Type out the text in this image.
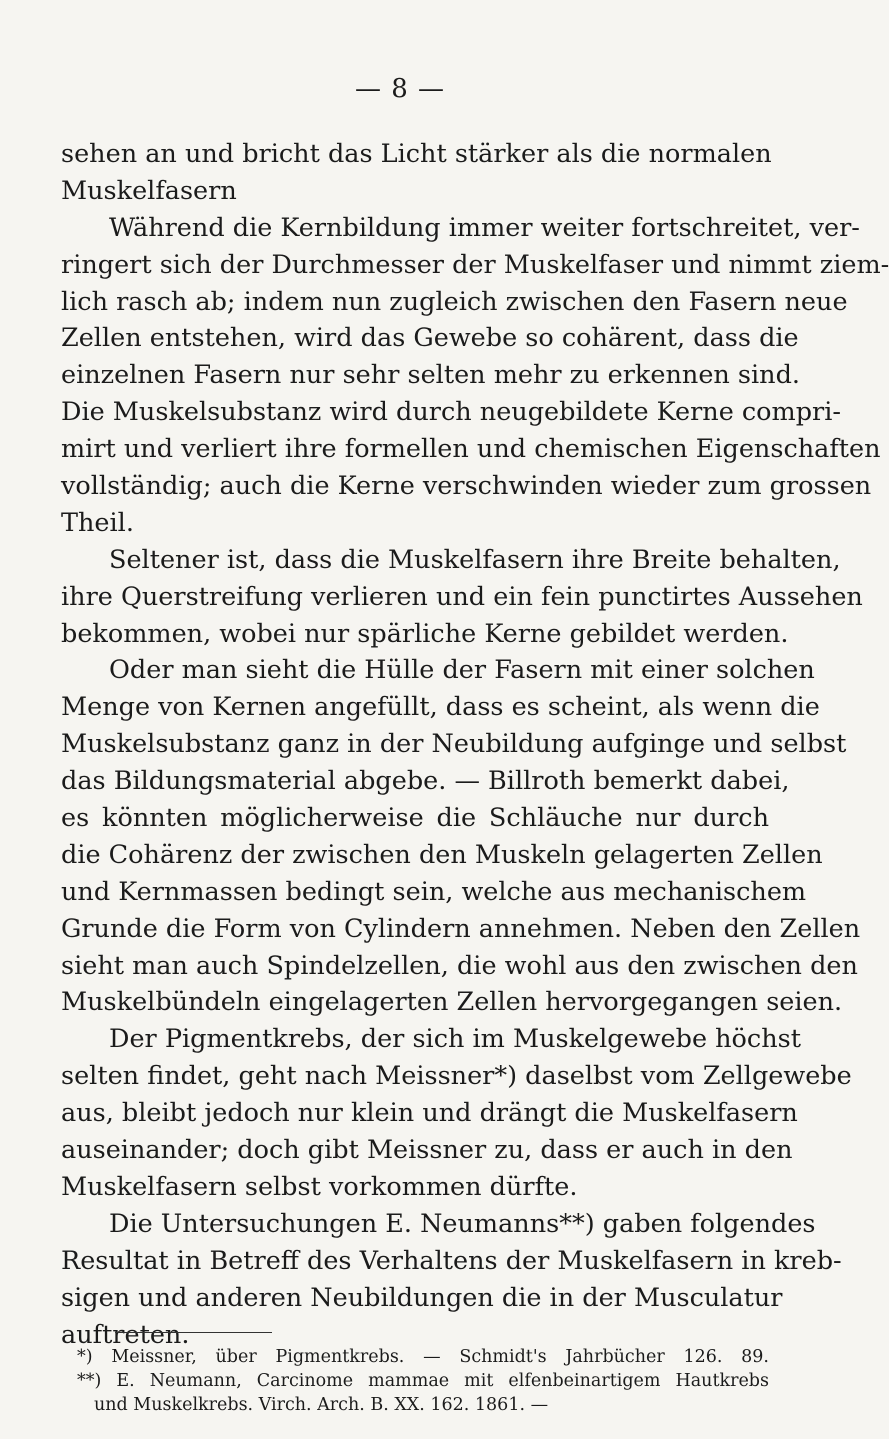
— 8 —
sehen an und bricht das Licht stärker als die normalen
Muskelfasern
Während die Kernbildung immer weiter fortschreitet, ver-
ringert sich der Durchmesser der Muskelfaser und nimmt ziem-
lich rasch ab; indem nun zugleich zwischen den Fasern neue
Zellen entstehen, wird das Gewebe so cohärent, dass die
einzelnen Fasern nur sehr selten mehr zu erkennen sind.
Die Muskelsubstanz wird durch neugebildete Kerne compri-
mirt und verliert ihre formellen und chemischen Eigenschaften
vollständig; auch die Kerne verschwinden wieder zum grossen
Theil.
Seltener ist, dass die Muskelfasern ihre Breite behalten,
ihre Querstreifung verlieren und ein fein punctirtes Aussehen
bekommen, wobei nur spärliche Kerne gebildet werden.
Oder man sieht die Hülle der Fasern mit einer solchen
Menge von Kernen angefüllt, dass es scheint, als wenn die
Muskelsubstanz ganz in der Neubildung aufginge und selbst
das Bildungsmaterial abgebe. — Billroth bemerkt dabei,
es könnten möglicherweise die Schläuche nur durch
die Cohärenz der zwischen den Muskeln gelagerten Zellen
und Kernmassen bedingt sein, welche aus mechanischem
Grunde die Form von Cylindern annehmen. Neben den Zellen
sieht man auch Spindelzellen, die wohl aus den zwischen den
Muskelbündeln eingelagerten Zellen hervorgegangen seien.
Der Pigmentkrebs, der sich im Muskelgewebe höchst
selten findet, geht nach Meissner*) daselbst vom Zellgewebe
aus, bleibt jedoch nur klein und drängt die Muskelfasern
auseinander; doch gibt Meissner zu, dass er auch in den
Muskelfasern selbst vorkommen dürfte.
Die Untersuchungen E. Neumanns**) gaben folgendes
Resultat in Betreff des Verhaltens der Muskelfasern in kreb-
sigen und anderen Neubildungen die in der Musculatur
auftreten.
*) Meissner, über Pigmentkrebs. — Schmidt's Jahrbücher 126. 89.
**) E. Neumann, Carcinome mammae mit elfenbeinartigem Hautkrebs
und Muskelkrebs. Virch. Arch. B. XX. 162. 1861. —
